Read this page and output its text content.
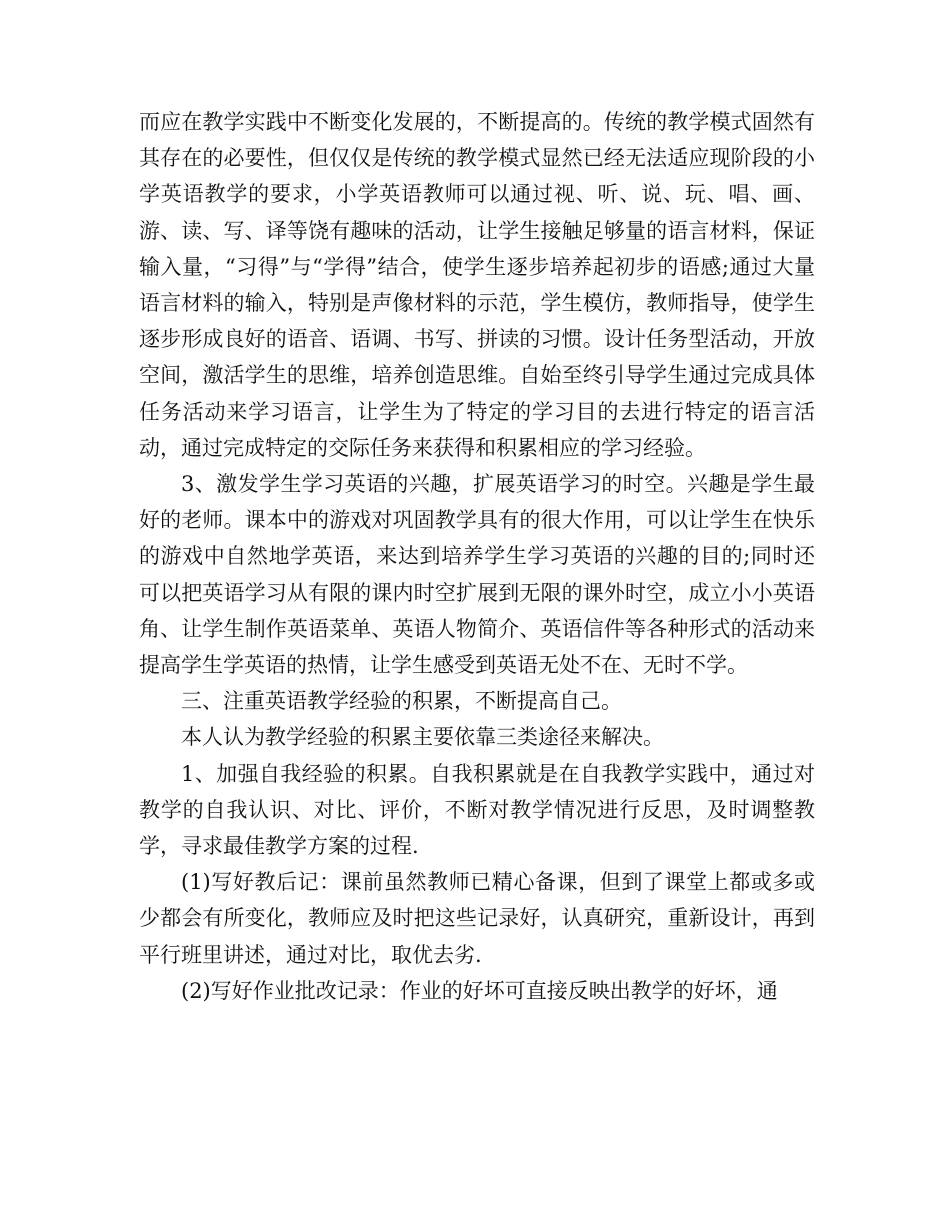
而应在教学实践中不断变化发展的，不断提高的。传统的教学模式固然有其存在的必要性，但仅仅是传统的教学模式显然已经无法适应现阶段的小学英语教学的要求，小学英语教师可以通过视、听、说、玩、唱、画、游、读、写、译等饶有趣味的活动，让学生接触足够量的语言材料，保证输入量，“习得”与“学得”结合，使学生逐步培养起初步的语感;通过大量语言材料的输入，特别是声像材料的示范，学生模仿，教师指导，使学生逐步形成良好的语音、语调、书写、拼读的习惯。设计任务型活动，开放空间，激活学生的思维，培养创造思维。自始至终引导学生通过完成具体任务活动来学习语言，让学生为了特定的学习目的去进行特定的语言活动，通过完成特定的交际任务来获得和积累相应的学习经验。

3、激发学生学习英语的兴趣，扩展英语学习的时空。兴趣是学生最好的老师。课本中的游戏对巩固教学具有的很大作用，可以让学生在快乐的游戏中自然地学英语，来达到培养学生学习英语的兴趣的目的;同时还可以把英语学习从有限的课内时空扩展到无限的课外时空，成立小小英语角、让学生制作英语菜单、英语人物简介、英语信件等各种形式的活动来提高学生学英语的热情，让学生感受到英语无处不在、无时不学。

三、注重英语教学经验的积累，不断提高自己。

本人认为教学经验的积累主要依靠三类途径来解决。

1、加强自我经验的积累。自我积累就是在自我教学实践中，通过对教学的自我认识、对比、评价，不断对教学情况进行反思，及时调整教学，寻求最佳教学方案的过程.

(1)写好教后记：课前虽然教师已精心备课，但到了课堂上都或多或少都会有所变化，教师应及时把这些记录好，认真研究，重新设计，再到平行班里讲述，通过对比，取优去劣.

(2)写好作业批改记录：作业的好坏可直接反映出教学的好坏，通
